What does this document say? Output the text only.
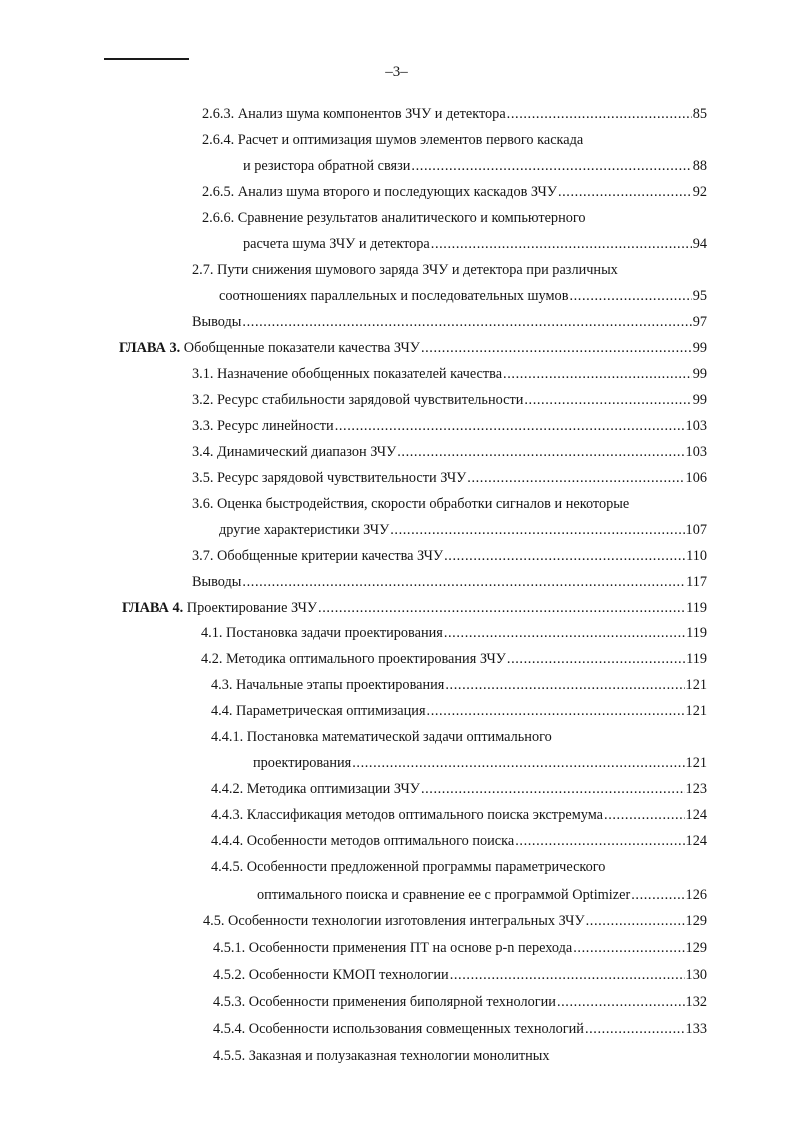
–3–
2.6.3. Анализ шума компонентов ЗЧУ и детектора .....	85
2.6.4. Расчет и оптимизация шумов элементов первого каскада
и резистора обратной связи .....	88
2.6.5. Анализ шума второго и последующих каскадов ЗЧУ .....	92
2.6.6. Сравнение результатов аналитического и компьютерного
расчета шума ЗЧУ и детектора .....	94
2.7. Пути снижения шумового заряда ЗЧУ и детектора при различных
соотношениях параллельных и последовательных шумов .....	95
Выводы .....	97
ГЛАВА 3.
Обобщенные показатели качества ЗЧУ .....	99
3.1. Назначение обобщенных показателей качества .....	99
3.2. Ресурс стабильности зарядовой чувствительности .....	99
3.3. Ресурс линейности .....	103
3.4. Динамический диапазон ЗЧУ .....	103
3.5. Ресурс зарядовой чувствительности ЗЧУ .....	106
3.6. Оценка быстродействия, скорости обработки сигналов и некоторые
другие характеристики ЗЧУ .....	107
3.7. Обобщенные критерии качества ЗЧУ .....	110
Выводы .....	117
ГЛАВА 4.
Проектирование ЗЧУ .....	119
4.1. Постановка задачи проектирования .....	119
4.2. Методика оптимального проектирования ЗЧУ .....	119
4.3. Начальные этапы проектирования .....	121
4.4. Параметрическая оптимизация .....	121
4.4.1. Постановка математической задачи оптимального
проектирования .....	121
4.4.2. Методика оптимизации ЗЧУ .....	123
4.4.3. Классификация методов оптимального поиска экстремума .....	124
4.4.4. Особенности методов оптимального поиска .....	124
4.4.5. Особенности предложенной программы параметрического
оптимального поиска и сравнение ее с программой Optimizer .....	126
4.5. Особенности технологии изготовления интегральных ЗЧУ .....	129
4.5.1. Особенности применения ПТ на основе p-n перехода .....	129
4.5.2. Особенности КМОП технологии .....	130
4.5.3. Особенности применения биполярной технологии .....	132
4.5.4. Особенности использования совмещенных технологий .....	133
4.5.5. Заказная и полузаказная технологии монолитных
